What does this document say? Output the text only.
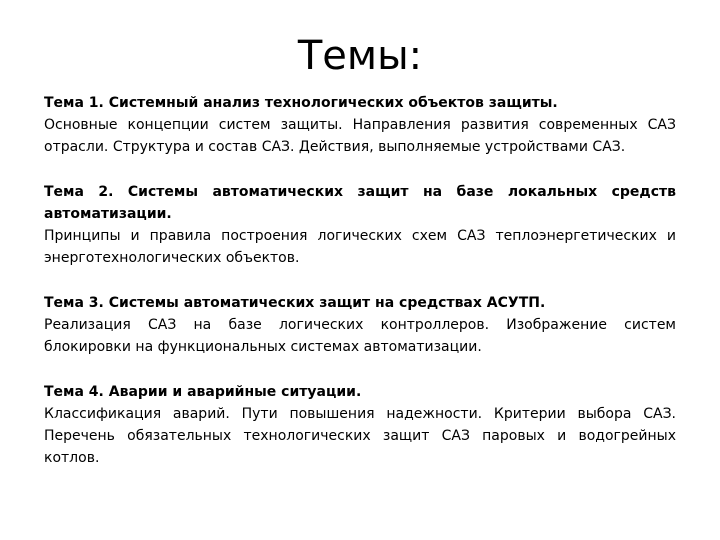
Темы:

Тема 1. Системный анализ технологических объектов защиты.

Основные концепции систем защиты. Направления развития современных САЗ отрасли. Структура и состав САЗ. Действия, выполняемые устройствами САЗ.

Тема 2. Системы автоматических защит на базе локальных средств автоматизации.

Принципы и правила построения логических схем САЗ теплоэнергетических и энерготехнологических объектов.

Тема 3. Системы автоматических защит на средствах АСУТП.

Реализация САЗ на базе логических контроллеров. Изображение систем блокировки на функциональных системах автоматизации.

Тема 4. Аварии и аварийные ситуации.

Классификация аварий. Пути повышения надежности. Критерии выбора САЗ. Перечень обязательных технологических защит САЗ паровых и водогрейных котлов.
